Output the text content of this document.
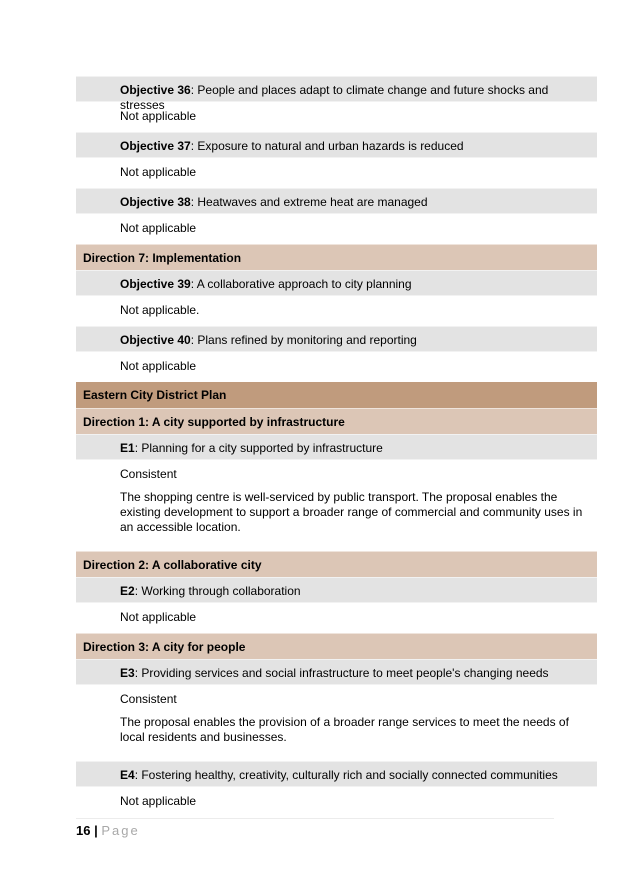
Objective 36: People and places adapt to climate change and future shocks and stresses
Not applicable
Objective 37: Exposure to natural and urban hazards is reduced
Not applicable
Objective 38: Heatwaves and extreme heat are managed
Not applicable
Direction 7: Implementation
Objective 39: A collaborative approach to city planning
Not applicable.
Objective 40: Plans refined by monitoring and reporting
Not applicable
Eastern City District Plan
Direction 1: A city supported by infrastructure
E1: Planning for a city supported by infrastructure
Consistent

The shopping centre is well-serviced by public transport. The proposal enables the existing development to support a broader range of commercial and community uses in an accessible location.

Direction 2: A collaborative city
E2: Working through collaboration
Not applicable
Direction 3: A city for people
E3: Providing services and social infrastructure to meet people's changing needs
Consistent

The proposal enables the provision of a broader range services to meet the needs of local residents and businesses.

E4: Fostering healthy, creativity, culturally rich and socially connected communities
Not applicable
16 | Page
